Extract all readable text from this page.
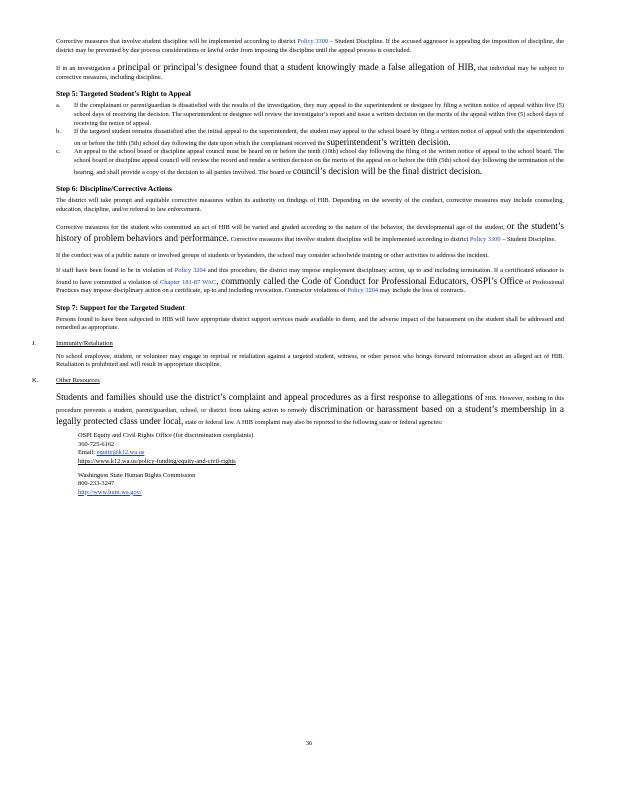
Corrective measures that involve student discipline will be implemented according to district Policy 3300 – Student Discipline. If the accused aggressor is appealing the imposition of discipline, the district may be prevented by due process considerations or lawful order from imposing the discipline until the appeal process is concluded.

If in an investigation a principal or principal’s designee found that a student knowingly made a false allegation of HIB, that individual may be subject to corrective measures, including discipline.

Step 5: Targeted Student’s Right to Appeal

a.	If the complainant or parent/guardian is dissatisfied with the results of the investigation, they may appeal to the superintendent or designee by filing a written notice of appeal within five (5) school days of receiving the decision. The superintendent or designee will review the investigator’s report and issue a written decision on the merits of the appeal within five (5) school days of receiving the notice of appeal.

b.	If the targeted student remains dissatisfied after the initial appeal to the superintendent, the student may appeal to the school board by filing a written notice of appeal with the superintendent on or before the fifth (5th) school day following the date upon which the complainant received the superintendent’s written decision.

c.	An appeal to the school board or discipline appeal council must be heard on or before the tenth (10th) school day following the filing of the written notice of appeal to the school board. The school board or discipline appeal council will review the record and render a written decision on the merits of the appeal on or before the fifth (5th) school day following the termination of the hearing, and shall provide a copy of the decision to all parties involved. The board or council’s decision will be the final district decision.

Step 6: Discipline/Corrective Actions

The district will take prompt and equitable corrective measures within its authority on findings of HIB. Depending on the severity of the conduct, corrective measures may include counseling, education, discipline, and/or referral to law enforcement.

Corrective measures for the student who committed an act of HIB will be varied and graded according to the nature of the behavior, the developmental age of the student, or the student’s history of problem behaviors and performance. Corrective measures that involve student discipline will be implemented according to district Policy 3300 – Student Discipline.

If the conduct was of a public nature or involved groups of students or bystanders, the school may consider schoolwide training or other activities to address the incident.

If staff have been found to be in violation of Policy 3204 and this procedure, the district may impose employment disciplinary action, up to and including termination. If a certificated educator is found to have committed a violation of Chapter 181-87 WAC, commonly called the Code of Conduct for Professional Educators, OSPI’s Office of Professional Practices may impose disciplinary action on a certificate, up to and including revocation. Contractor violations of Policy 3204 may include the loss of contracts.

Step 7: Support for the Targeted Student

Persons found to have been subjected to HIB will have appropriate district support services made available to them, and the adverse impact of the harassment on the student shall be addressed and remedied as appropriate.

J.	Immunity/Retaliation

No school employee, student, or volunteer may engage in reprisal or retaliation against a targeted student, witness, or other person who brings forward information about an alleged act of HIB. Retaliation is prohibited and will result in appropriate discipline.

K.	Other Resources

Students and families should use the district’s complaint and appeal procedures as a first response to allegations of HIB. However, nothing in this procedure prevents a student, parent/guardian, school, or district from taking action to remedy discrimination or harassment based on a student’s membership in a legally protected class under local, state or federal law. A HIB complaint may also be reported to the following state or federal agencies:

OSPI Equity and Civil Rights Office (for discrimination complaints)

360-725-6162

Email: equity@k12.wa.us

https://www.k12.wa.us/policy-funding/equity-and-civil-rights

Washington State Human Rights Commission

800-233-3247

http://www.hum.wa.gov/

36
